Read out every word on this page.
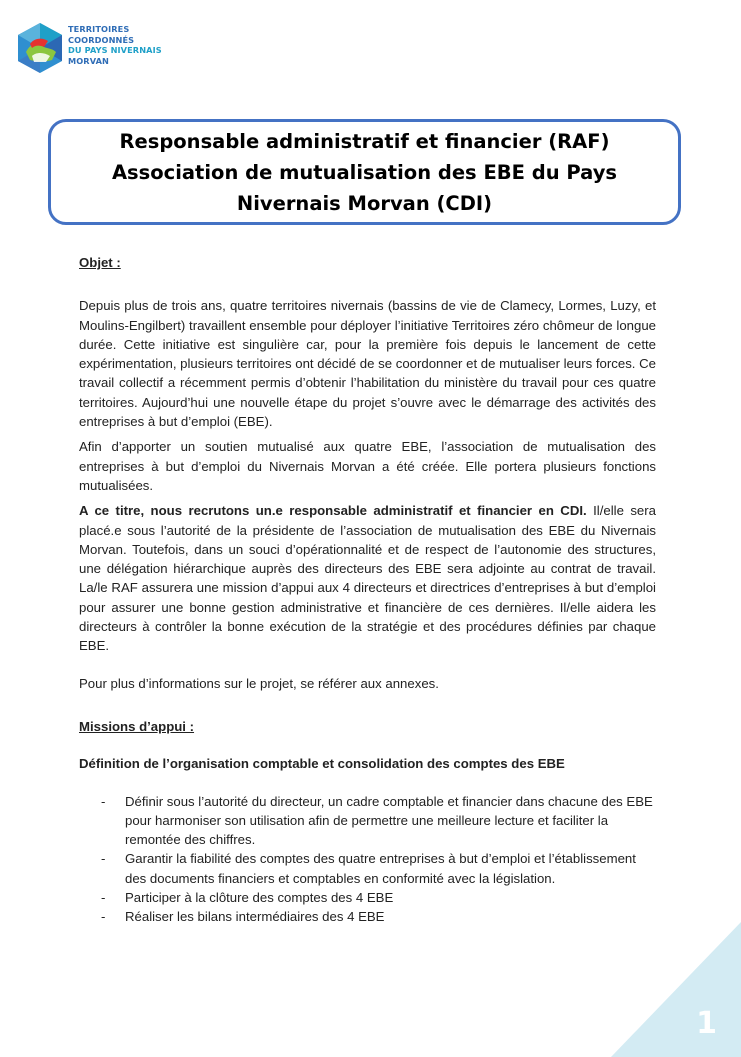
TERRITOIRES
COORDONNÉS
DU PAYS NIVERNAIS
MORVAN
Responsable administratif et financier (RAF)
Association de mutualisation des EBE du Pays
Nivernais Morvan (CDI)

Objet :

Depuis plus de trois ans, quatre territoires nivernais (bassins de vie de Clamecy, Lormes, Luzy, et Moulins-Engilbert) travaillent ensemble pour déployer l’initiative Territoires zéro chômeur de longue durée. Cette initiative est singulière car, pour la première fois depuis le lancement de cette expérimentation, plusieurs territoires ont décidé de se coordonner et de mutualiser leurs forces. Ce travail collectif a récemment permis d’obtenir l’habilitation du ministère du travail pour ces quatre territoires. Aujourd’hui une nouvelle étape du projet s’ouvre avec le démarrage des activités des entreprises à but d’emploi (EBE).

Afin d’apporter un soutien mutualisé aux quatre EBE, l’association de mutualisation des entreprises à but d’emploi du Nivernais Morvan a été créée. Elle portera plusieurs fonctions mutualisées.

A ce titre, nous recrutons un.e responsable administratif et financier en CDI. Il/elle sera placé.e sous l’autorité de la présidente de l’association de mutualisation des EBE du Nivernais Morvan. Toutefois, dans un souci d’opérationnalité et de respect de l’autonomie des structures, une délégation hiérarchique auprès des directeurs des EBE sera adjointe au contrat de travail. La/le RAF assurera une mission d’appui aux 4 directeurs et directrices d’entreprises à but d’emploi pour assurer une bonne gestion administrative et financière de ces dernières. Il/elle aidera les directeurs à contrôler la bonne exécution de la stratégie et des procédures définies par chaque EBE.

Pour plus d’informations sur le projet, se référer aux annexes.

Missions d’appui :

Définition de l’organisation comptable et consolidation des comptes des EBE

- Définir sous l’autorité du directeur, un cadre comptable et financier dans chacune des EBE pour harmoniser son utilisation afin de permettre une meilleure lecture et faciliter la remontée des chiffres.
- Garantir la fiabilité des comptes des quatre entreprises à but d’emploi et l’établissement des documents financiers et comptables en conformité avec la législation.
- Participer à la clôture des comptes des 4 EBE
- Réaliser les bilans intermédiaires des 4 EBE
1
